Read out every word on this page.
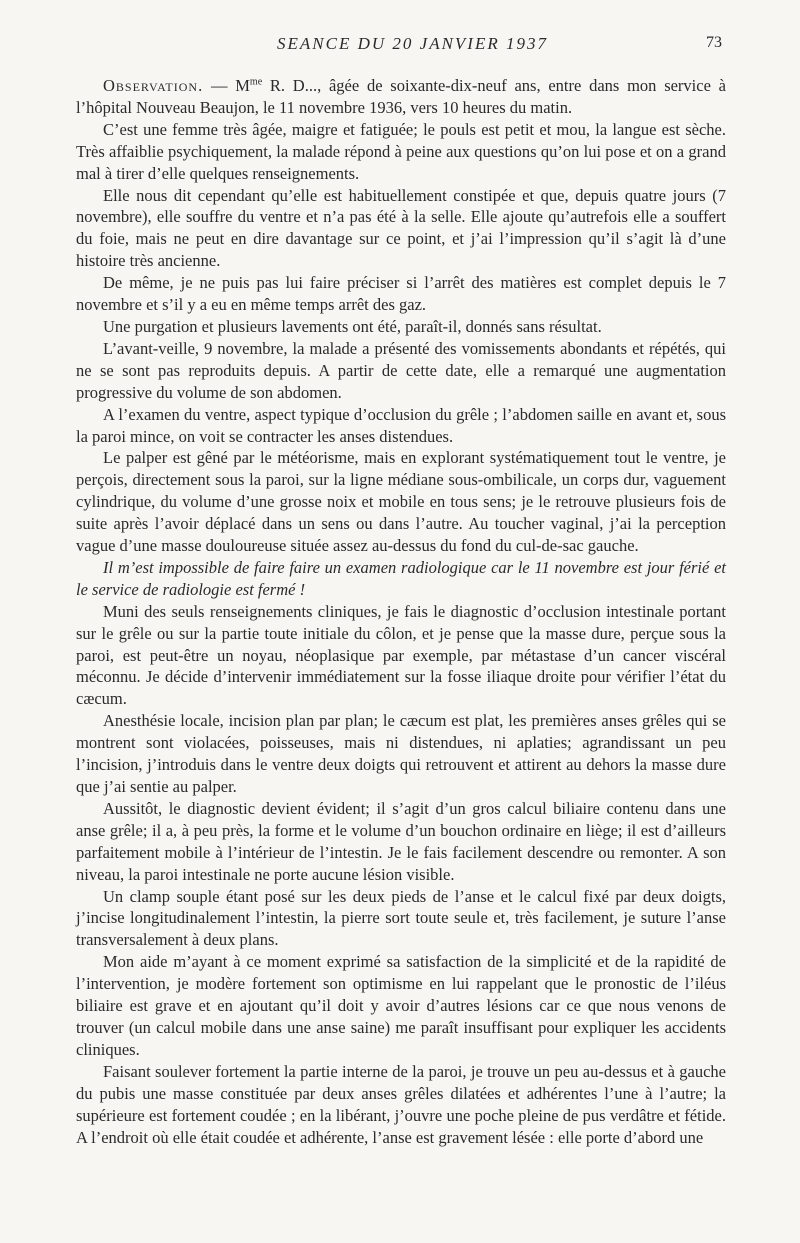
SEANCE DU 20 JANVIER 1937	73

Observation. — $M^{me}$ R. D..., âgée de soixante-dix-neuf ans, entre dans mon service à l’hôpital Nouveau Beaujon, le 11 novembre 1936, vers 10 heures du matin.

C’est une femme très âgée, maigre et fatiguée; le pouls est petit et mou, la langue est sèche. Très affaiblie psychiquement, la malade répond à peine aux questions qu’on lui pose et on a grand mal à tirer d’elle quelques renseignements.

Elle nous dit cependant qu’elle est habituellement constipée et que, depuis quatre jours (7 novembre), elle souffre du ventre et n’a pas été à la selle. Elle ajoute qu’autrefois elle a souffert du foie, mais ne peut en dire davantage sur ce point, et j’ai l’impression qu’il s’agit là d’une histoire très ancienne.

De même, je ne puis pas lui faire préciser si l’arrêt des matières est complet depuis le 7 novembre et s’il y a eu en même temps arrêt des gaz.

Une purgation et plusieurs lavements ont été, paraît-il, donnés sans résultat.

L’avant-veille, 9 novembre, la malade a présenté des vomissements abondants et répétés, qui ne se sont pas reproduits depuis. A partir de cette date, elle a remarqué une augmentation progressive du volume de son abdomen.

A l’examen du ventre, aspect typique d’occlusion du grêle ; l’abdomen saille en avant et, sous la paroi mince, on voit se contracter les anses distendues.

Le palper est gêné par le météorisme, mais en explorant systématiquement tout le ventre, je perçois, directement sous la paroi, sur la ligne médiane sous-ombilicale, un corps dur, vaguement cylindrique, du volume d’une grosse noix et mobile en tous sens; je le retrouve plusieurs fois de suite après l’avoir déplacé dans un sens ou dans l’autre. Au toucher vaginal, j’ai la perception vague d’une masse douloureuse située assez au-dessus du fond du cul-de-sac gauche.

Il m’est impossible de faire faire un examen radiologique car le 11 novembre est jour férié et le service de radiologie est fermé !

Muni des seuls renseignements cliniques, je fais le diagnostic d’occlusion intestinale portant sur le grêle ou sur la partie toute initiale du côlon, et je pense que la masse dure, perçue sous la paroi, est peut-être un noyau, néoplasique par exemple, par métastase d’un cancer viscéral méconnu. Je décide d’intervenir immédiatement sur la fosse iliaque droite pour vérifier l’état du cæcum.

Anesthésie locale, incision plan par plan; le cæcum est plat, les premières anses grêles qui se montrent sont violacées, poisseuses, mais ni distendues, ni aplaties; agrandissant un peu l’incision, j’introduis dans le ventre deux doigts qui retrouvent et attirent au dehors la masse dure que j’ai sentie au palper.

Aussitôt, le diagnostic devient évident; il s’agit d’un gros calcul biliaire contenu dans une anse grêle; il a, à peu près, la forme et le volume d’un bouchon ordinaire en liège; il est d’ailleurs parfaitement mobile à l’intérieur de l’intestin. Je le fais facilement descendre ou remonter. A son niveau, la paroi intestinale ne porte aucune lésion visible.

Un clamp souple étant posé sur les deux pieds de l’anse et le calcul fixé par deux doigts, j’incise longitudinalement l’intestin, la pierre sort toute seule et, très facilement, je suture l’anse transversalement à deux plans.

Mon aide m’ayant à ce moment exprimé sa satisfaction de la simplicité et de la rapidité de l’intervention, je modère fortement son optimisme en lui rappelant que le pronostic de l’iléus biliaire est grave et en ajoutant qu’il doit y avoir d’autres lésions car ce que nous venons de trouver (un calcul mobile dans une anse saine) me paraît insuffisant pour expliquer les accidents cliniques.

Faisant soulever fortement la partie interne de la paroi, je trouve un peu au-dessus et à gauche du pubis une masse constituée par deux anses grêles dilatées et adhérentes l’une à l’autre; la supérieure est fortement coudée ; en la libérant, j’ouvre une poche pleine de pus verdâtre et fétide. A l’endroit où elle était coudée et adhérente, l’anse est gravement lésée : elle porte d’abord une
